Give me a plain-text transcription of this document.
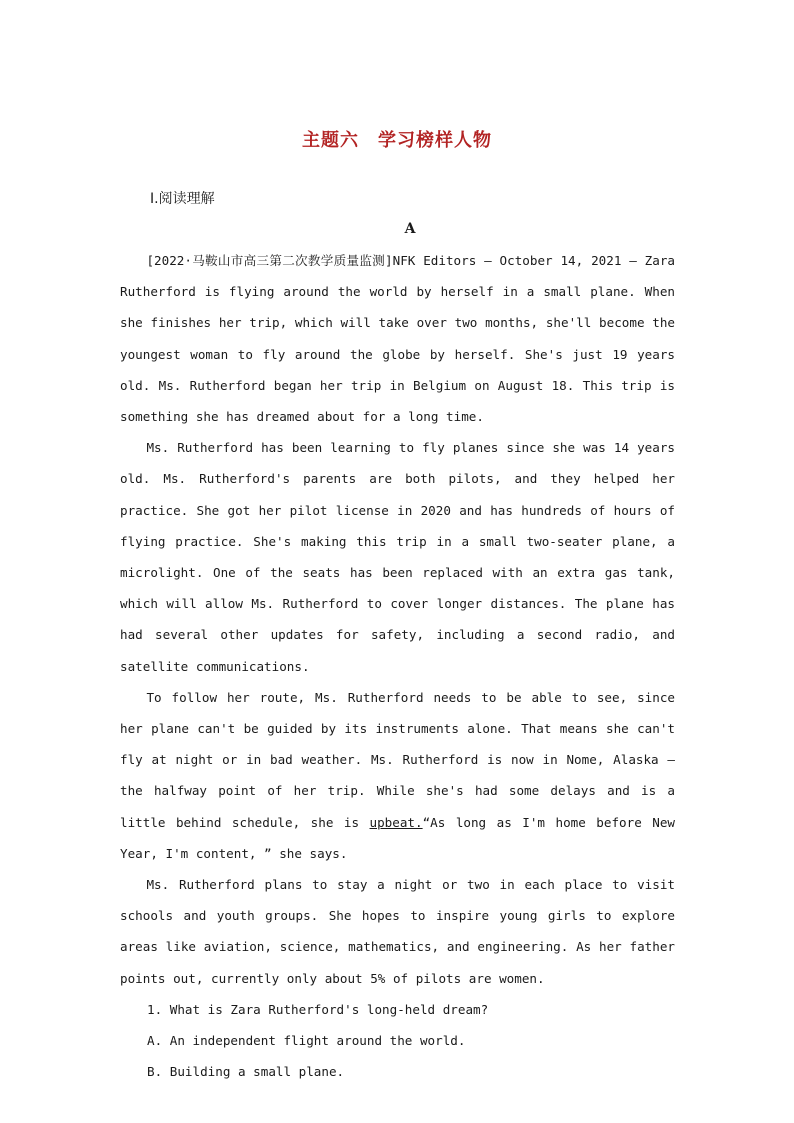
主题六　学习榜样人物
Ⅰ.阅读理解
A

[2022·马鞍山市高三第二次教学质量监测]NFK Editors — October 14, 2021 — Zara Rutherford is flying around the world by herself in a small plane. When she finishes her trip, which will take over two months, she'll become the youngest woman to fly around the globe by herself. She's just 19 years old. Ms. Rutherford began her trip in Belgium on August 18. This trip is something she has dreamed about for a long time.

Ms. Rutherford has been learning to fly planes since she was 14 years old. Ms. Rutherford's parents are both pilots, and they helped her practice. She got her pilot license in 2020 and has hundreds of hours of flying practice. She's making this trip in a small two-seater plane, a microlight. One of the seats has been replaced with an extra gas tank, which will allow Ms. Rutherford to cover longer distances. The plane has had several other updates for safety, including a second radio, and satellite communications.

To follow her route, Ms. Rutherford needs to be able to see, since her plane can't be guided by its instruments alone. That means she can't fly at night or in bad weather. Ms. Rutherford is now in Nome, Alaska — the halfway point of her trip. While she's had some delays and is a little behind schedule, she is upbeat.“As long as I'm home before New Year, I'm content, ” she says.

Ms. Rutherford plans to stay a night or two in each place to visit schools and youth groups. She hopes to inspire young girls to explore areas like aviation, science, mathematics, and engineering. As her father points out, currently only about 5% of pilots are women.

1. What is Zara Rutherford's long-held dream?

A. An independent flight around the world.

B. Building a small plane.
